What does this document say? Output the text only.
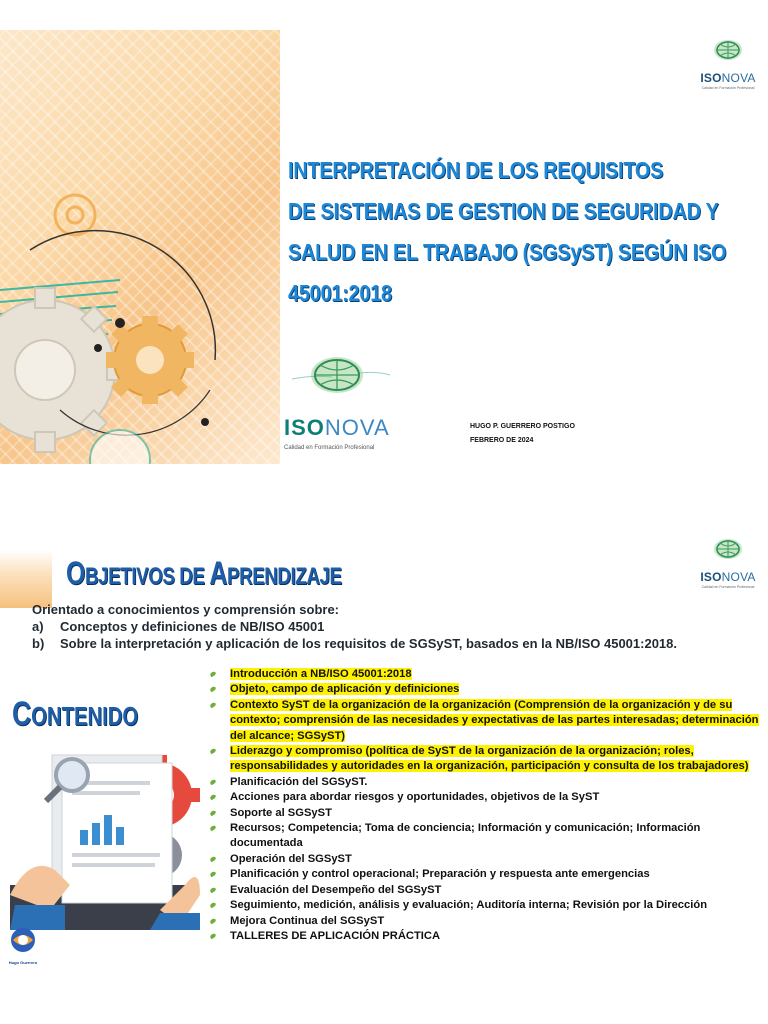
ISONOVA
Calidad en Formación Profesional
INTERPRETACIÓN DE LOS REQUISITOS
DE SISTEMAS DE GESTION DE SEGURIDAD Y
SALUD EN EL TRABAJO (SGSyST) SEGÚN ISO
45001:2018
ISONOVA
Calidad en Formación Profesional
HUGO P. GUERRERO POSTIGO
FEBRERO DE 2024
OBJETIVOS DE APRENDIZAJE	ISONOVA
Calidad en Formación Profesional
Orientado a conocimientos y comprensión sobre:
a)	Conceptos y definiciones de NB/ISO 45001
b)	Sobre la interpretación y aplicación de los requisitos de SGSyST, basados en la NB/ISO 45001:2018.
CONTENIDO
Introducción a NB/ISO 45001:2018
Objeto, campo de aplicación y definiciones
Contexto SyST de la organización de la organización (Comprensión de la organización y de su contexto; comprensión de las necesidades y expectativas de las partes interesadas; determinación del alcance; SGSyST)
Liderazgo y compromiso (política de SyST de la organización de la organización; roles, responsabilidades y autoridades en la organización, participación y consulta de los trabajadores)
Planificación del SGSyST.
Acciones para abordar riesgos y oportunidades, objetivos de la SyST
Soporte al SGSyST
Recursos; Competencia; Toma de conciencia; Información y comunicación; Información documentada
Operación del SGSyST
Planificación y control operacional; Preparación y respuesta ante emergencias
Evaluación del Desempeño del SGSyST
Seguimiento, medición, análisis y evaluación; Auditoría interna; Revisión por la Dirección
Mejora Continua del SGSyST
TALLERES DE APLICACIÓN PRÁCTICA
Hugo Guerrero
